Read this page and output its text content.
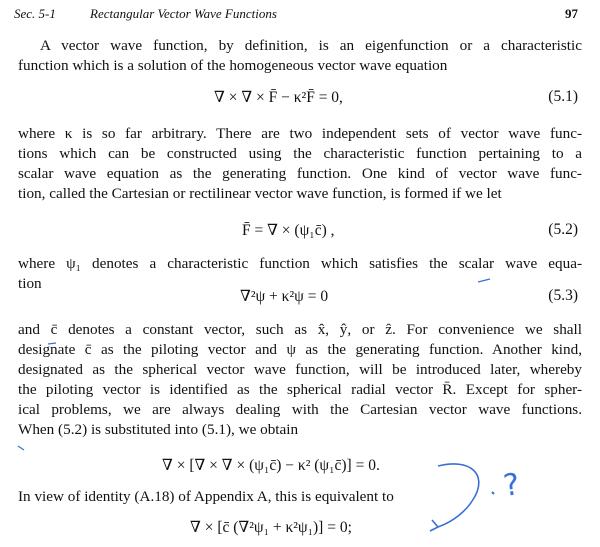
Sec. 5-1	Rectangular Vector Wave Functions	97
A vector wave function, by definition, is an eigenfunction or a characteristic
function which is a solution of the homogeneous vector wave equation
∇ × ∇ × F̄ − κ²F̄ = 0,	(5.1)
where κ is so far arbitrary. There are two independent sets of vector wave func-
tions which can be constructed using the characteristic function pertaining to a
scalar wave equation as the generating function. One kind of vector wave func-
tion, called the Cartesian or rectilinear vector wave function, is formed if we let
F̄ = ∇ × (ψ₁c̄) ,	(5.2)
where ψ₁ denotes a characteristic function which satisfies the scalar wave equa-
tion
∇²ψ + κ²ψ = 0	(5.3)
and c̄ denotes a constant vector, such as x̂, ŷ, or ẑ. For convenience we shall
designate c̄ as the piloting vector and ψ as the generating function. Another kind,
designated as the spherical vector wave function, will be introduced later, whereby
the piloting vector is identified as the spherical radial vector R̄. Except for spher-
ical problems, we are always dealing with the Cartesian vector wave functions.
When (5.2) is substituted into (5.1), we obtain
∇ × [∇ × ∇ × (ψ₁c̄) − κ² (ψ₁c̄)] = 0.
In view of identity (A.18) of Appendix A, this is equivalent to
∇ × [c̄ (∇²ψ₁ + κ²ψ₁)] = 0;
?
